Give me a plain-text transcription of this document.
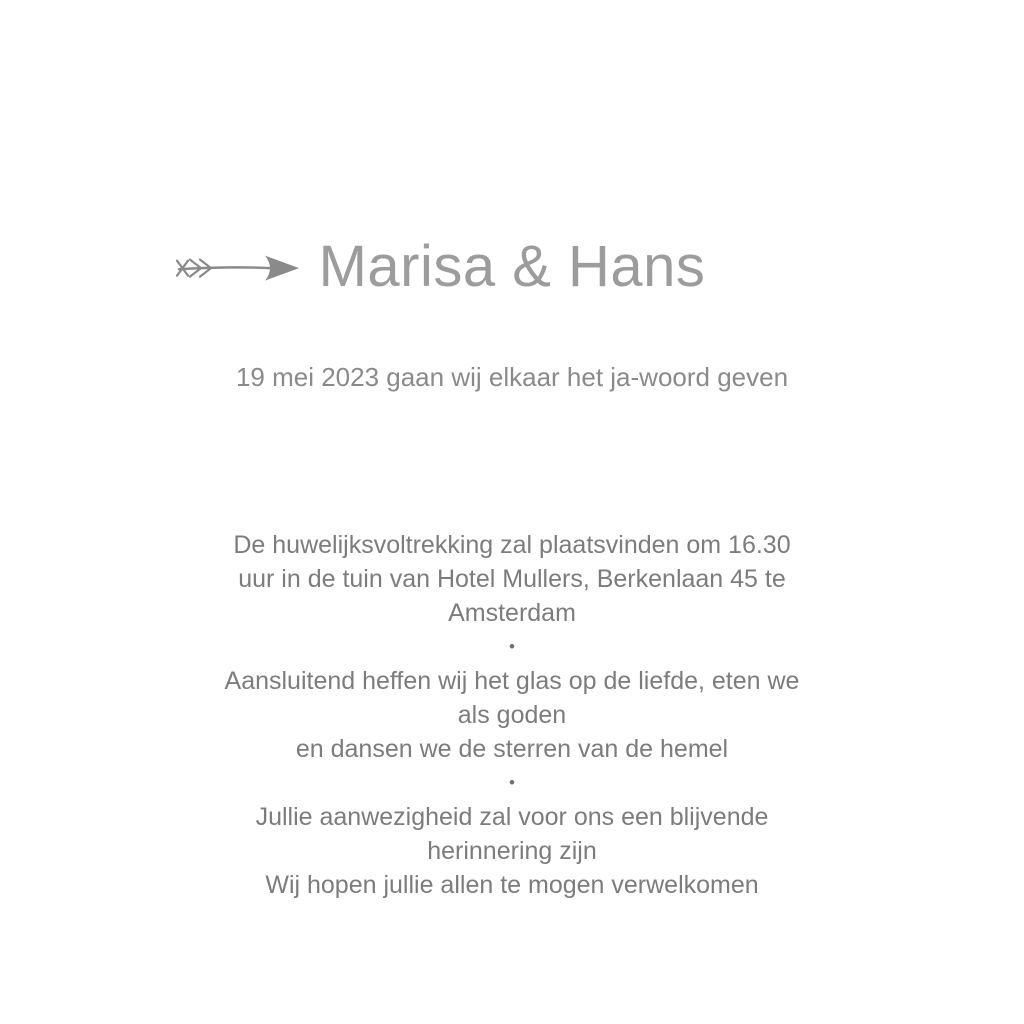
Marisa & Hans

19 mei 2023 gaan wij elkaar het ja-woord geven

De huwelijksvoltrekking zal plaatsvinden om 16.30
uur in de tuin van Hotel Mullers, Berkenlaan 45 te
Amsterdam
•
Aansluitend heffen wij het glas op de liefde, eten we
als goden
en dansen we de sterren van de hemel
•
Jullie aanwezigheid zal voor ons een blijvende
herinnering zijn
Wij hopen jullie allen te mogen verwelkomen
